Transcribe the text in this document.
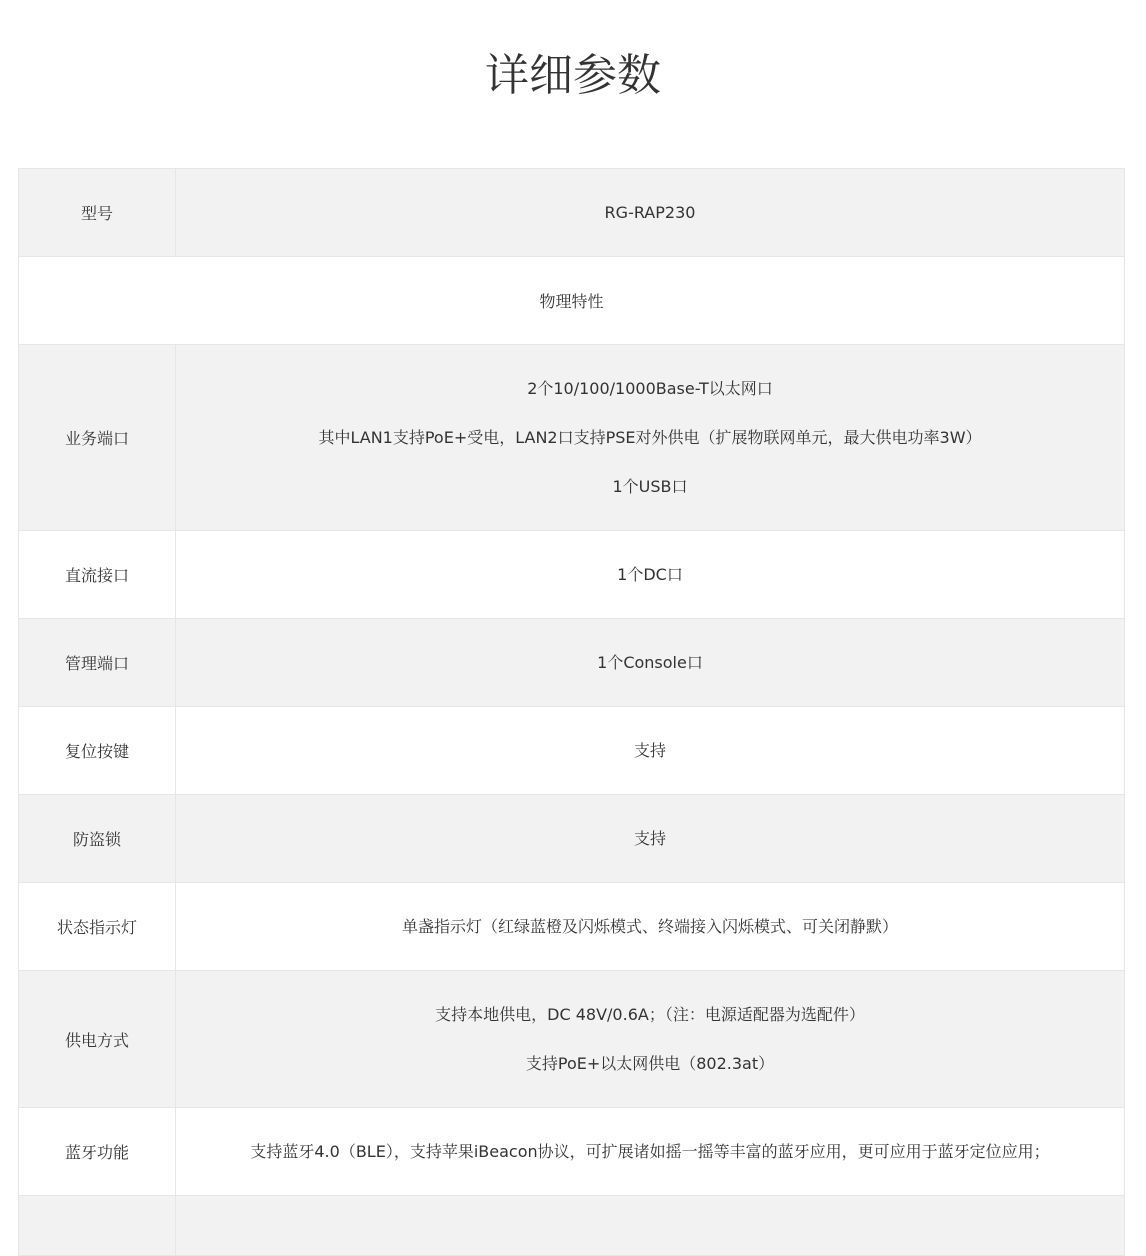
详细参数
型号	RG-RAP230

物理特性	
业务端口	2个10/100/1000Base-T以太网口
其中LAN1支持PoE+受电，LAN2口支持PSE对外供电（扩展物联网单元，最大供电功率3W）
1个USB口

直流接口	1个DC口

管理端口	1个Console口

复位按键	支持

防盗锁	支持

状态指示灯	单盏指示灯（红绿蓝橙及闪烁模式、终端接入闪烁模式、可关闭静默）

供电方式	支持本地供电，DC 48V/0.6A；（注：电源适配器为选配件）
支持PoE+以太网供电（802.3at）

蓝牙功能	支持蓝牙4.0（BLE），支持苹果iBeacon协议，可扩展诸如摇一摇等丰富的蓝牙应用，更可应用于蓝牙定位应用；
